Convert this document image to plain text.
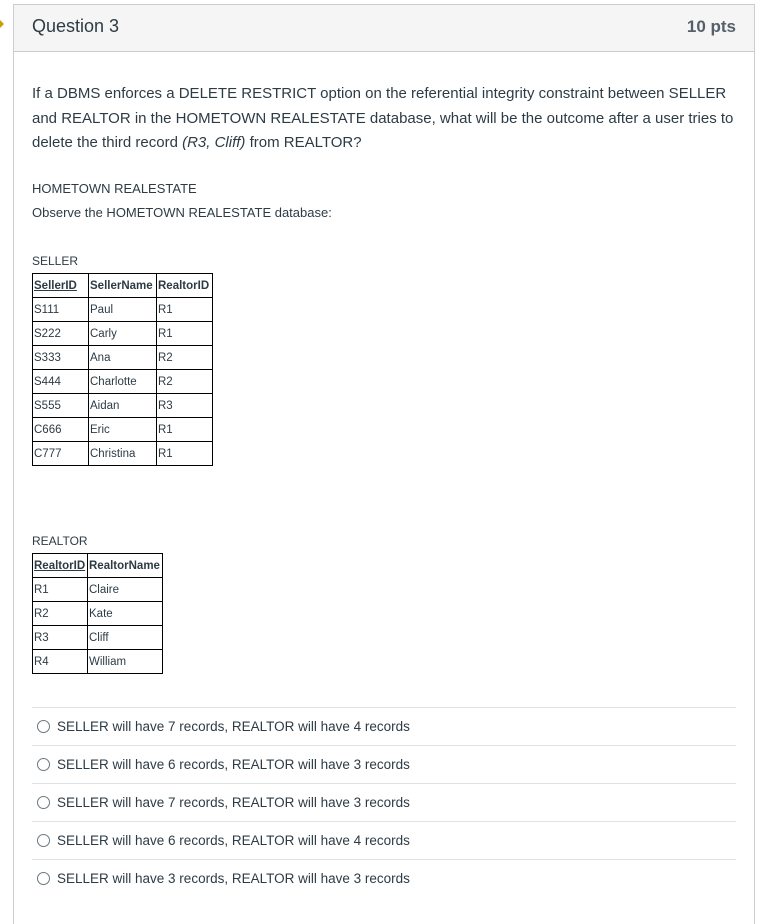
Question 3	10 pts
If a DBMS enforces a DELETE RESTRICT option on the referential integrity constraint between SELLER and REALTOR in the HOMETOWN REALESTATE database, what will be the outcome after a user tries to delete the third record (R3, Cliff) from REALTOR?
HOMETOWN REALESTATE
Observe the HOMETOWN REALESTATE database:
SELLER
SellerID	SellerName	RealtorID
S111	Paul	R1
S222	Carly	R1
S333	Ana	R2
S444	Charlotte	R2
S555	Aidan	R3
C666	Eric	R1
C777	Christina	R1
REALTOR
RealtorID	RealtorName
R1	Claire
R2	Kate
R3	Cliff
R4	William
SELLER will have 7 records, REALTOR will have 4 records
SELLER will have 6 records, REALTOR will have 3 records
SELLER will have 7 records, REALTOR will have 3 records
SELLER will have 6 records, REALTOR will have 4 records
SELLER will have 3 records, REALTOR will have 3 records
